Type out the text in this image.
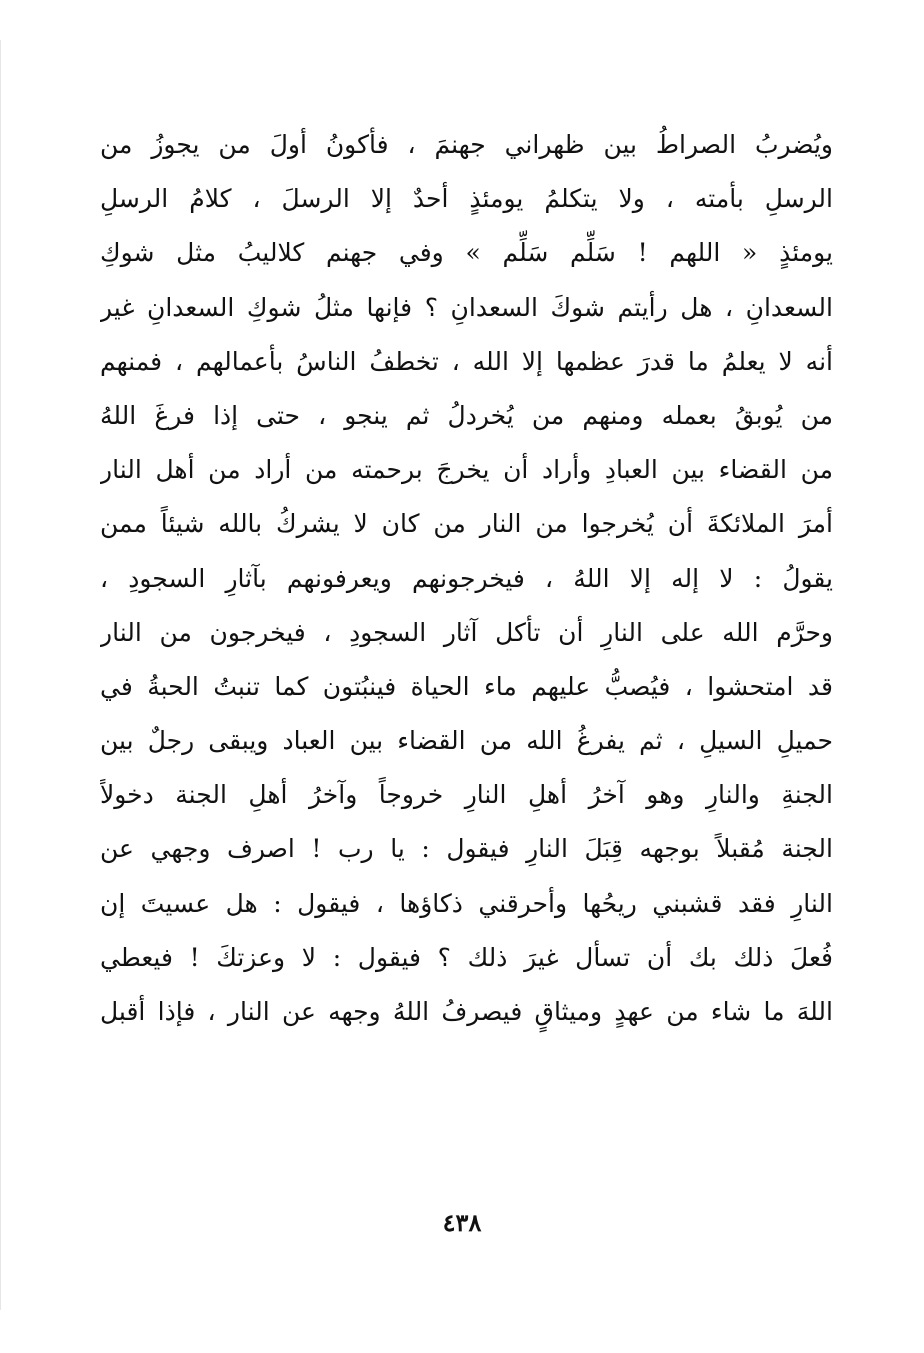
ويُضربُ الصراطُ بين ظهراني جهنمَ ، فأكونُ أولَ من يجوزُ من
الرسلِ بأمته ، ولا يتكلمُ يومئذٍ أحدٌ إلا الرسلَ ، كلامُ الرسلِ
يومئذٍ « اللهم ! سَلِّم سَلِّم » وفي جهنم كلاليبُ مثل شوكِ
السعدانِ ، هل رأيتم شوكَ السعدانِ ؟ فإنها مثلُ شوكِ السعدانِ غير
أنه لا يعلمُ ما قدرَ عظمها إلا الله ، تخطفُ الناسُ بأعمالهم ، فمنهم
من يُوبقُ بعمله ومنهم من يُخردلُ ثم ينجو ، حتى إذا فرغَ اللهُ
من القضاء بين العبادِ وأراد أن يخرجَ برحمته من أراد من أهل النار
أمرَ الملائكةَ أن يُخرجوا من النار من كان لا يشركُ بالله شيئاً ممن
يقولُ : لا إله إلا اللهُ ، فيخرجونهم ويعرفونهم بآثارِ السجودِ ،
وحرَّم الله على النارِ أن تأكل آثار السجودِ ، فيخرجون من النار
قد امتحشوا ، فيُصبُّ عليهم ماء الحياة فينبُتون كما تنبتُ الحبةُ في
حميلِ السيلِ ، ثم يفرغُ الله من القضاء بين العباد ويبقى رجلٌ بين
الجنةِ والنارِ وهو آخرُ أهلِ النارِ خروجاً وآخرُ أهلِ الجنة دخولاً
الجنة مُقبلاً بوجهه قِبَلَ النارِ فيقول : يا رب ! اصرف وجهي عن
النارِ فقد قشبني ريحُها وأحرقني ذكاؤها ، فيقول : هل عسيتَ إن
فُعلَ ذلك بك أن تسأل غيرَ ذلك ؟ فيقول : لا وعزتكَ ! فيعطي
اللهَ ما شاء من عهدٍ وميثاقٍ فيصرفُ اللهُ وجهه عن النار ، فإذا أقبل
٤٣٨
